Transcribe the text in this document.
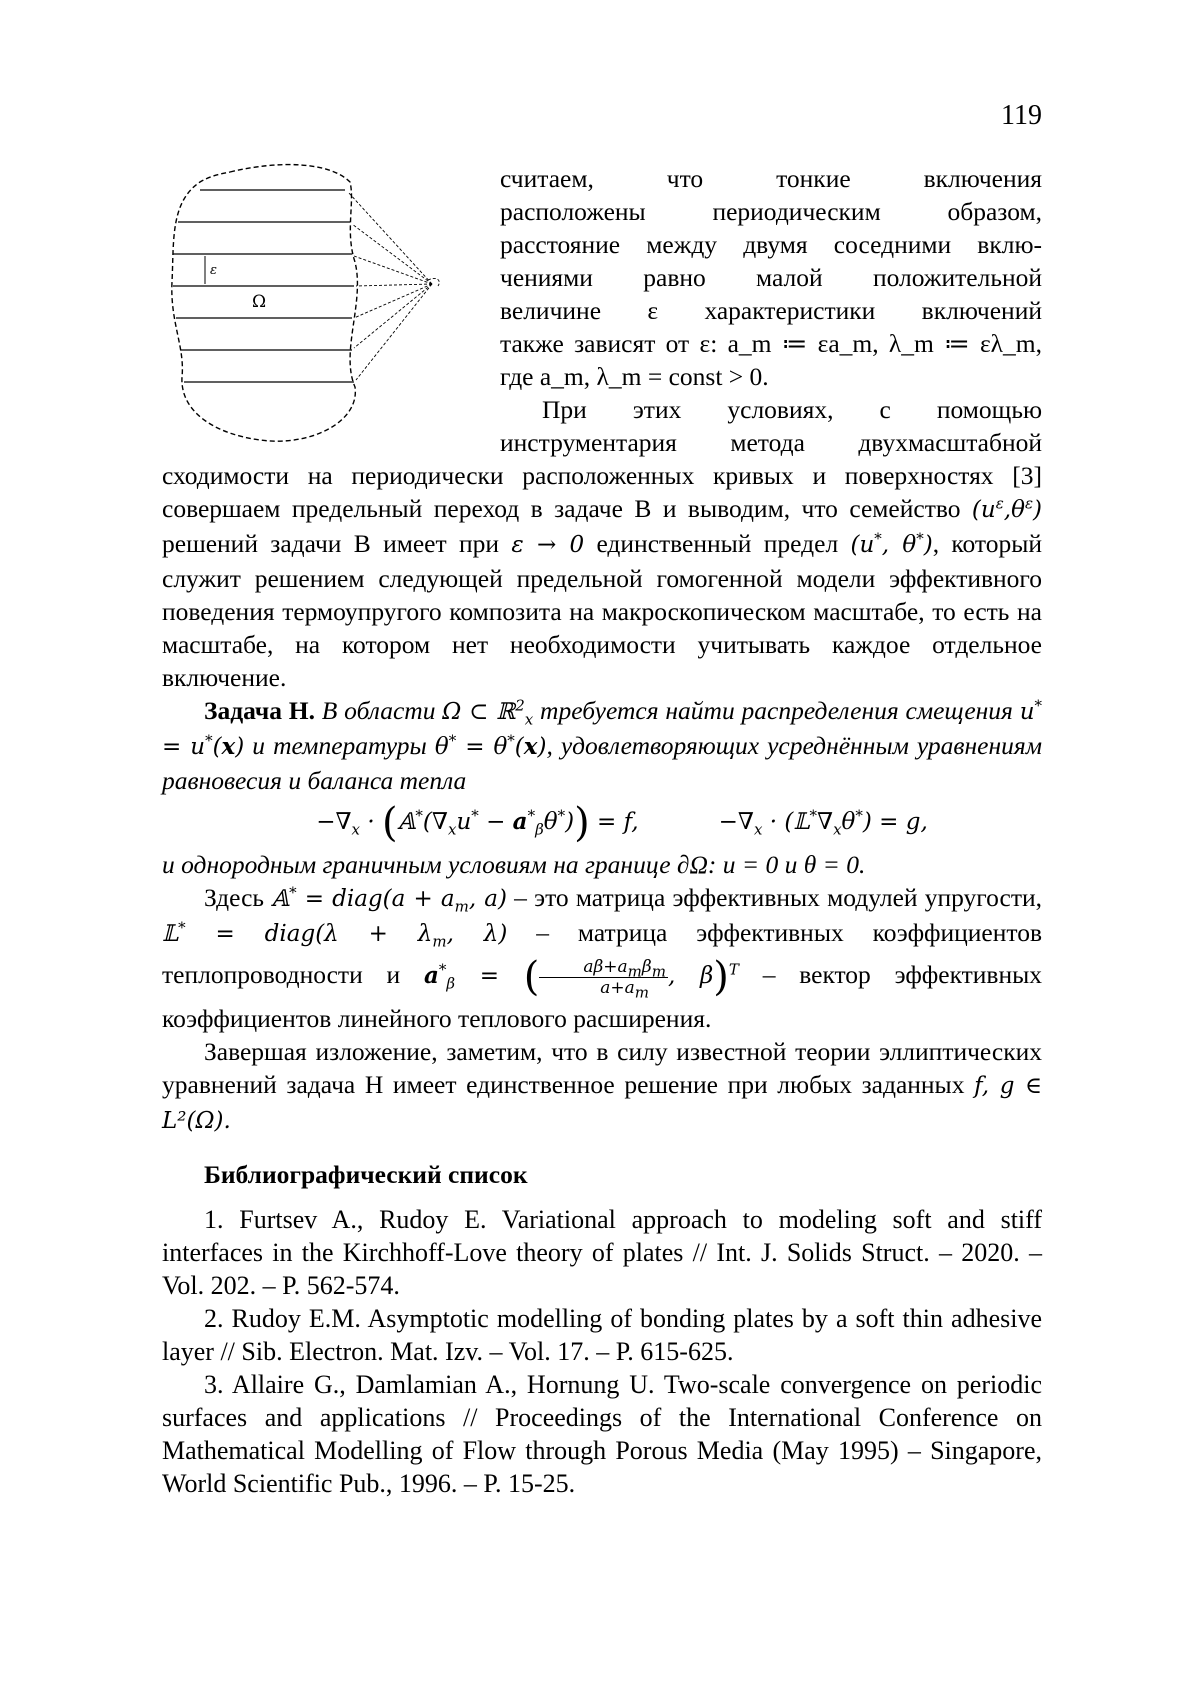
119
ε
Ω

считаем, что тонкие включения

расположены периодическим образом,

расстояние между двумя соседними вклю-

чениями равно малой положительной

величине ε характеристики включений

также зависят от ε: a_m ≔ εa_m, λ_m ≔ ελ_m,

где a_m, λ_m = const > 0.

При этих условиях, с помощью

инструментария метода двухмасштабной

сходимости на периодически расположенных кривых и поверхностях [3] совершаем предельный переход в задаче B и выводим, что семейство $(u^\varepsilon,\theta^\varepsilon)$ решений задачи B имеет при ε → 0 единственный предел (u*, θ*), который служит решением следующей предельной гомогенной модели эффективного поведения термоупругого композита на макроскопическом масштабе, то есть на масштабе, на котором нет необходимости учитывать каждое отдельное включение.

Задача H. В области Ω ⊂ ℝ$^2_x$ требуется найти распределения смещения u* = u*(x) и температуры θ* = θ*(x), удовлетворяющих усреднённым уравнениям равновесия и баланса тепла

$-\nabla_x$ · $(𝔸^*(\nabla_xu^* - a^*_\beta\theta^*)) = f$,	$-\nabla_x$ · $(𝕃^*\nabla_x\theta^*) = g$,

и однородным граничным условиям на границе ∂Ω: u = 0 и θ = 0.

Здесь 𝔸* = diag(a + $a_m$, a) – это матрица эффективных модулей упругости, 𝕃* = diag(λ + $\lambda_m$, λ) – матрица эффективных коэффициентов теплопроводности и $a^*_\beta$ = ( $\frac{a\beta+a_m\beta_m}{a+a_m}$ , β)$^T$ – вектор эффективных коэффициентов линейного теплового расширения.

Завершая изложение, заметим, что в силу известной теории эллиптических уравнений задача H имеет единственное решение при любых заданных f, g ∈ L²(Ω).

Библиографический список

1. Furtsev A., Rudoy E. Variational approach to modeling soft and stiff interfaces in the Kirchhoff-Love theory of plates // Int. J. Solids Struct. – 2020. – Vol. 202. – P. 562-574.

2. Rudoy E.M. Asymptotic modelling of bonding plates by a soft thin adhesive layer // Sib. Electron. Mat. Izv. – Vol. 17. – P. 615-625.

3. Allaire G., Damlamian A., Hornung U. Two-scale convergence on periodic surfaces and applications // Proceedings of the International Conference on Mathematical Modelling of Flow through Porous Media (May 1995) – Singapore, World Scientific Pub., 1996. – P. 15-25.
